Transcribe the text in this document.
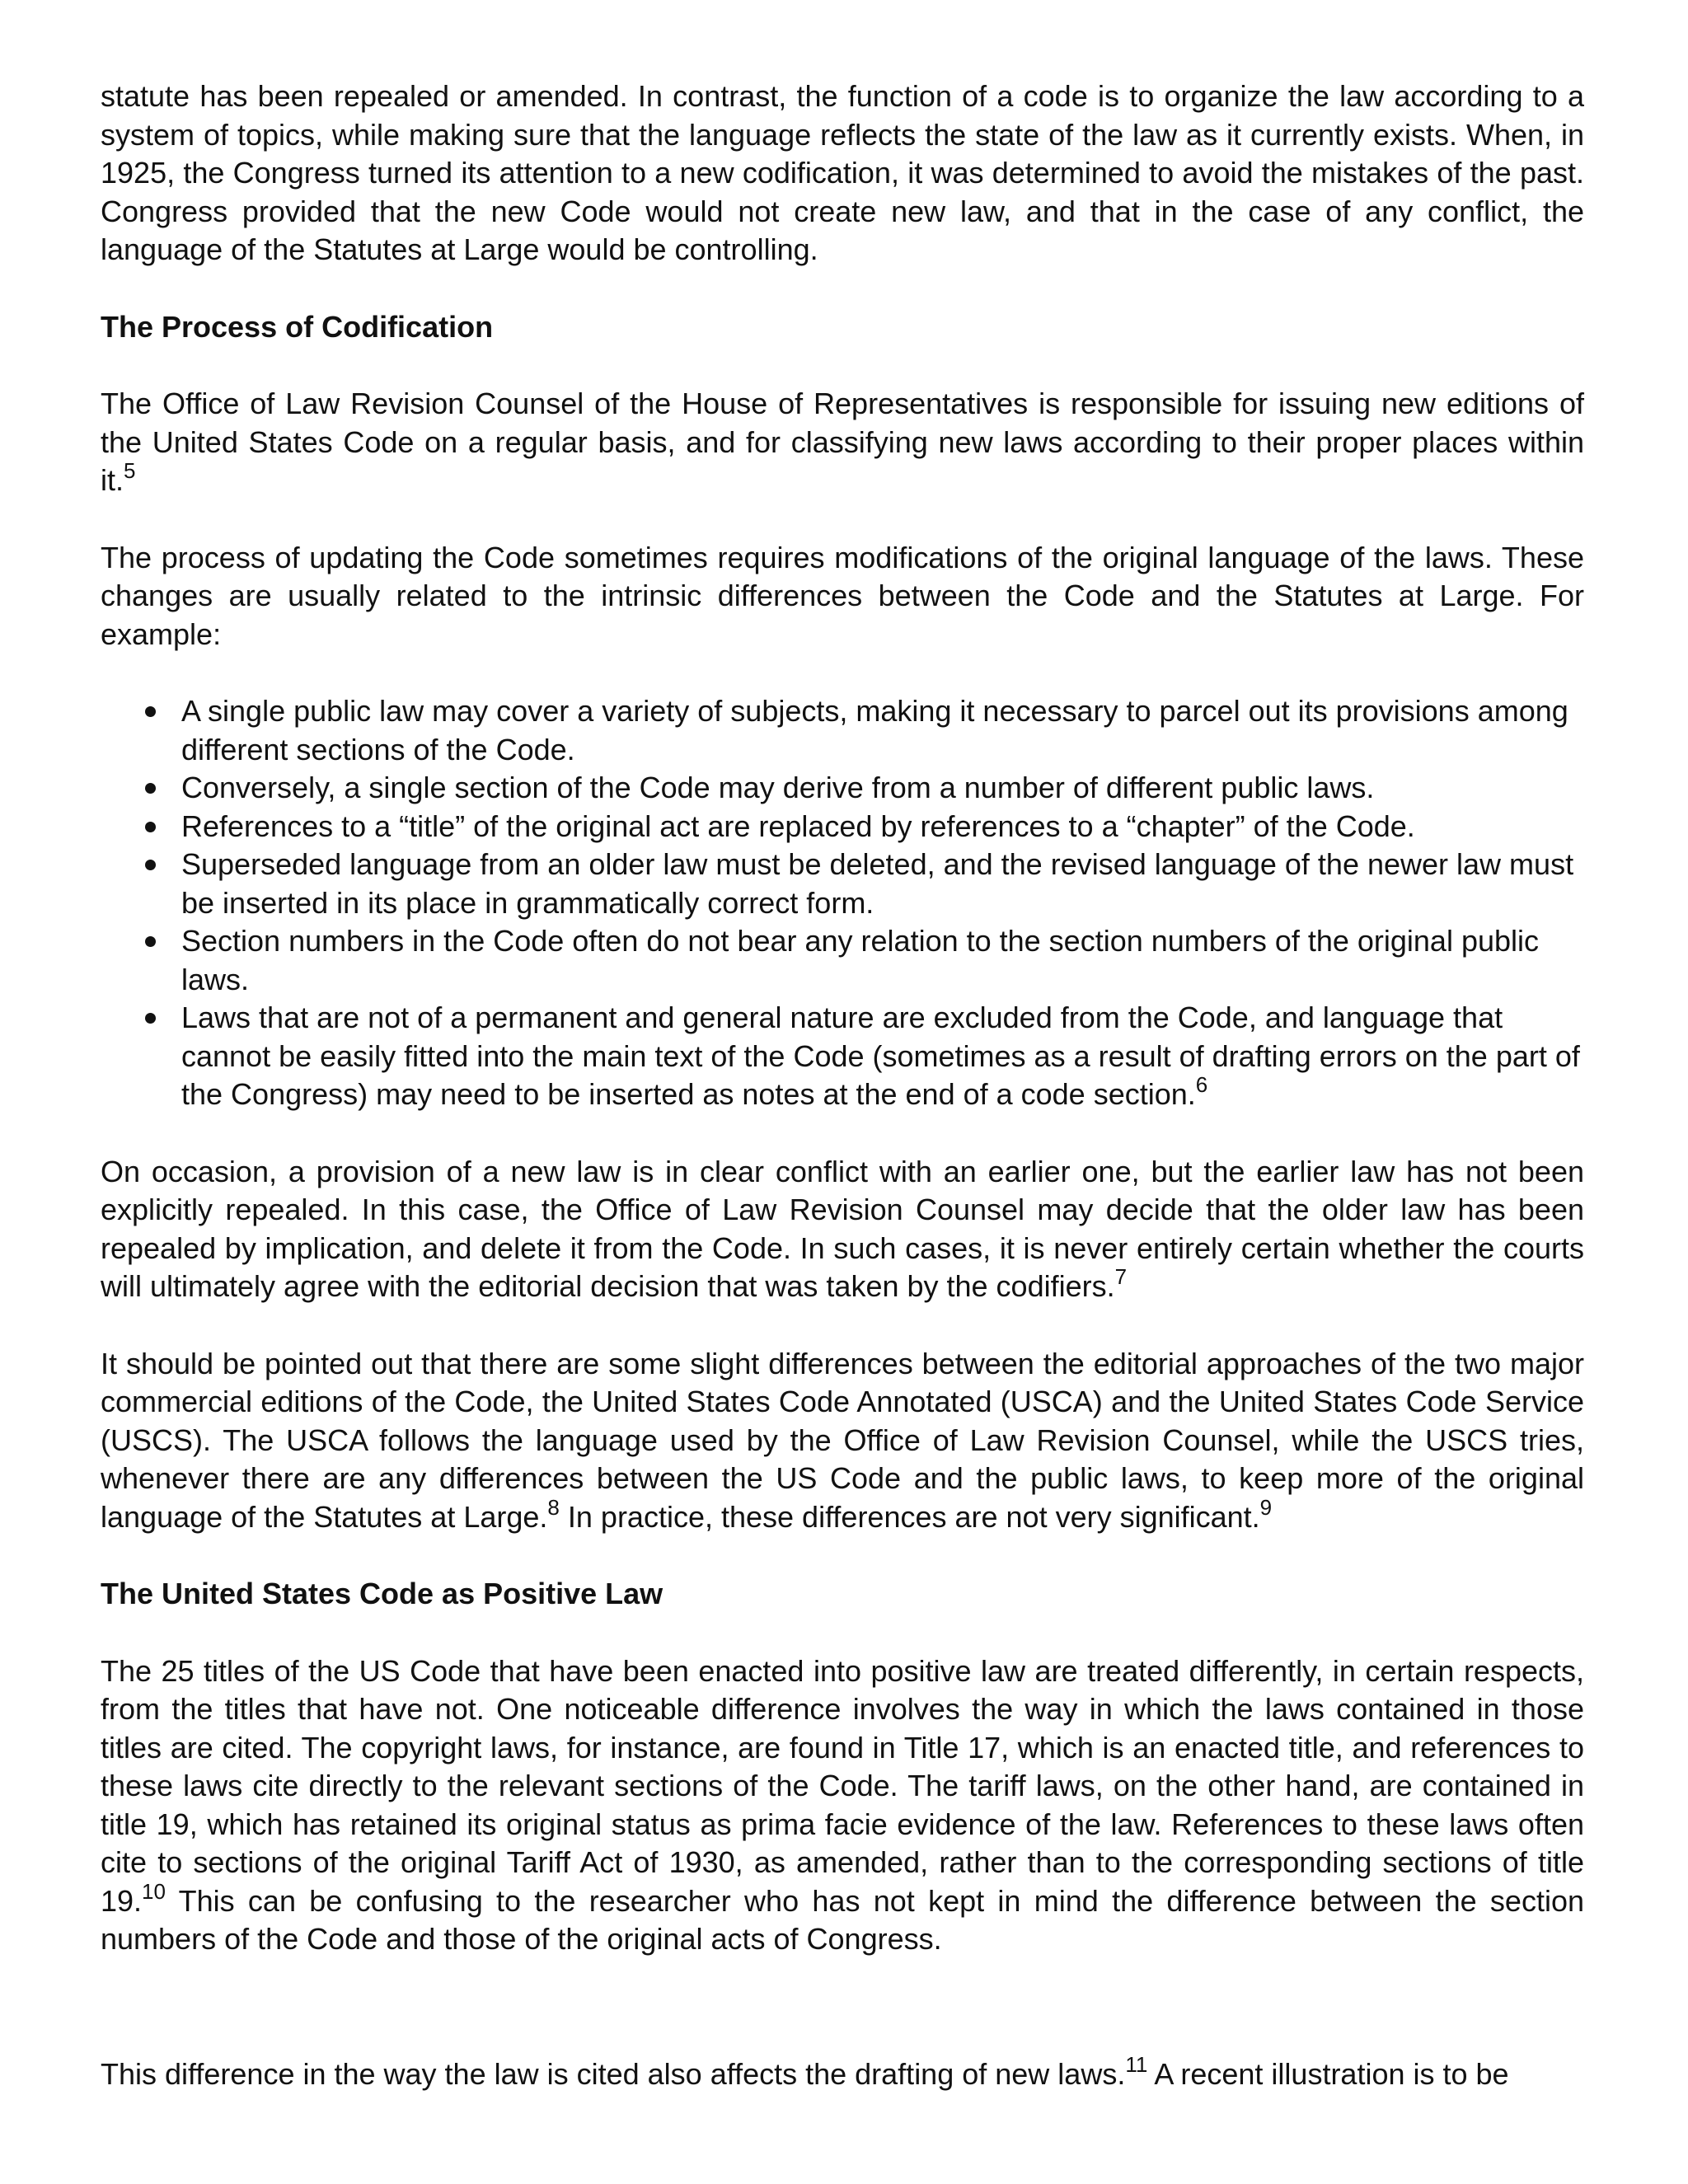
statute has been repealed or amended. In contrast, the function of a code is to organize the law according to a system of topics, while making sure that the language reflects the state of the law as it currently exists. When, in 1925, the Congress turned its attention to a new codification, it was determined to avoid the mistakes of the past. Congress provided that the new Code would not create new law, and that in the case of any conflict, the language of the Statutes at Large would be controlling.

The Process of Codification

The Office of Law Revision Counsel of the House of Representatives is responsible for issuing new editions of the United States Code on a regular basis, and for classifying new laws according to their proper places within it.$^5$

The process of updating the Code sometimes requires modifications of the original language of the laws. These changes are usually related to the intrinsic differences between the Code and the Statutes at Large. For example:

A single public law may cover a variety of subjects, making it necessary to parcel out its provisions among different sections of the Code.
Conversely, a single section of the Code may derive from a number of different public laws.
References to a “title” of the original act are replaced by references to a “chapter” of the Code.
Superseded language from an older law must be deleted, and the revised language of the newer law must be inserted in its place in grammatically correct form.
Section numbers in the Code often do not bear any relation to the section numbers of the original public laws.
Laws that are not of a permanent and general nature are excluded from the Code, and language that cannot be easily fitted into the main text of the Code (sometimes as a result of drafting errors on the part of the Congress) may need to be inserted as notes at the end of a code section.$^6$

On occasion, a provision of a new law is in clear conflict with an earlier one, but the earlier law has not been explicitly repealed. In this case, the Office of Law Revision Counsel may decide that the older law has been repealed by implication, and delete it from the Code. In such cases, it is never entirely certain whether the courts will ultimately agree with the editorial decision that was taken by the codifiers.$^7$

It should be pointed out that there are some slight differences between the editorial approaches of the two major commercial editions of the Code, the United States Code Annotated (USCA) and the United States Code Service (USCS). The USCA follows the language used by the Office of Law Revision Counsel, while the USCS tries, whenever there are any differences between the US Code and the public laws, to keep more of the original language of the Statutes at Large.$^8$ In practice, these differences are not very significant.$^9$

The United States Code as Positive Law

The 25 titles of the US Code that have been enacted into positive law are treated differently, in certain respects, from the titles that have not. One noticeable difference involves the way in which the laws contained in those titles are cited. The copyright laws, for instance, are found in Title 17, which is an enacted title, and references to these laws cite directly to the relevant sections of the Code. The tariff laws, on the other hand, are contained in title 19, which has retained its original status as prima facie evidence of the law. References to these laws often cite to sections of the original Tariff Act of 1930, as amended, rather than to the corresponding sections of title 19.10 This can be confusing to the researcher who has not kept in mind the difference between the section numbers of the Code and those of the original acts of Congress.

This difference in the way the law is cited also affects the drafting of new laws.$^{11}$ A recent illustration is to be
